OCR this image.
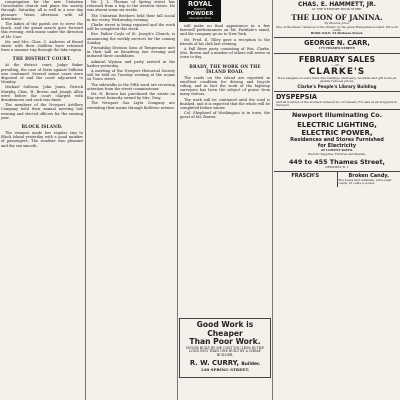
congregation for the new Unitarian Universalist church and plans the society through. Saturday, all is well in a new day pleasure. Warm afternoon with all attendance.

The ladies of the parish are to serve the lunch, and the grand march goes forward this evening, with music under the direction of Mr. Carr.

Mr. and Mrs. Chas. C. Andrews of Broad street with their children have returned from a summer trip through the lake region.

THE DISTRICT COURT.

At the district court, Judge Baker presiding, the case of State against Sullivan was continued. Several minor cases were disposed of and the court adjourned to Monday.

Michael Sullivan, John Jones, Patrick Murphy, Chas. H. Brown and Joseph Allen were before the court charged with drunkenness and each was fined.

The members of the Newport Artillery Company held their annual meeting last evening and elected officers for the ensuing year.

BLOCK ISLAND.

The steamer made her regular trip to Block Island yesterday with a good number of passengers. The weather was pleasant and the sea smooth.

Mr. J. L. Thomas of Spring street has returned from a trip to the western states. He was absent some six weeks.

The Unitarian Brothers held their fall social in the vestry, Wednesday evening.

Clarke street is being repaired and the work will be completed this week.

Rev. Father Coyle of St. Joseph's Church, is announcing the weekly services for the coming Sunday.

Friendship Division Sons of Temperance met in their hall on Broadway last evening and initiated three candidates.

Admiral Wyman and party arrived in the harbor yesterday.

A meeting of the Newport Historical Society will be held on Tuesday evening at the rooms on Touro street.

The sidewalks in the Fifth ward are receiving attention from the street commissioner.

Mr. H. Bowen has purchased the estate on Kay street formerly owned by Mrs. Gray.

The Newport Gas Light Company are extending their mains through Bellevue avenue.

will make no final appearance in a few farewell performances on Mr. Pastdale's stand, and the company go on to New York.

Mr. Fred. E. Tilley gave a reception to the friends of his club last evening.

A Fall River party consisting of Wm. Clarke, Mrs. Brown and a number of others will arrive in town to-day.

BRADY, THE WORK ON THE ISLAND ROAD.

The roads on the island are reported in excellent condition for driving and bicycle riding, and in fact the work of the highway surveyors has been the subject of praise from many visitors.

The work will be continued until the road is finished, and it is expected that the whole will be completed before winter.

Col. Shepherd of Washington is in town, the guest of Mr. Bowen.

ROYAL
BAKING
POWDER
Absolutely Pure
Good Work is Cheaper
Than Poor Work.
HOUSE BUILT BY ME COST YOU LESS IN THE LONG RUN THAN ONE BUILT BY A CHEAP BUILDER.
R. W. CURRY, Builder.
148 SPRING STREET.
CHAS. E. HAMMETT, JR.
AT THE NEWPORT BOOK STORE.
THE LION OF JANINA.
By Maurus Jokai.
One of the finest romances of the Orient, by the great Hungarian novelist. Price 50 cents.
BOOK SALE, 23 Bellevue Street.
GEORGE N. CARR,
175 THAMES STREET.
FEBRUARY SALES
— AT —
CLARKE'S
Book bargains of every kind, fine bindings, stationery, novelties and gift books at greatly reduced prices.
Clarke's People's Library Building
DYSPEPSIA
And all troubles of the stomach relieved by our remedy. For sale at all druggists in Newport.
Newport Illuminating Co.
ELECTRIC LIGHTING,
ELECTRIC POWER,
Residences and Stores Furnished
for Electricity
AT LOWEST RATES.
Electric Supplies, Fixtures and Shades.
449 to 455 Thames Street,
NEWPORT, R. I.
FRASCH'S	Broken Candy.
Box boxes and caramels, pure sugar candy, 10 cents a pound.
